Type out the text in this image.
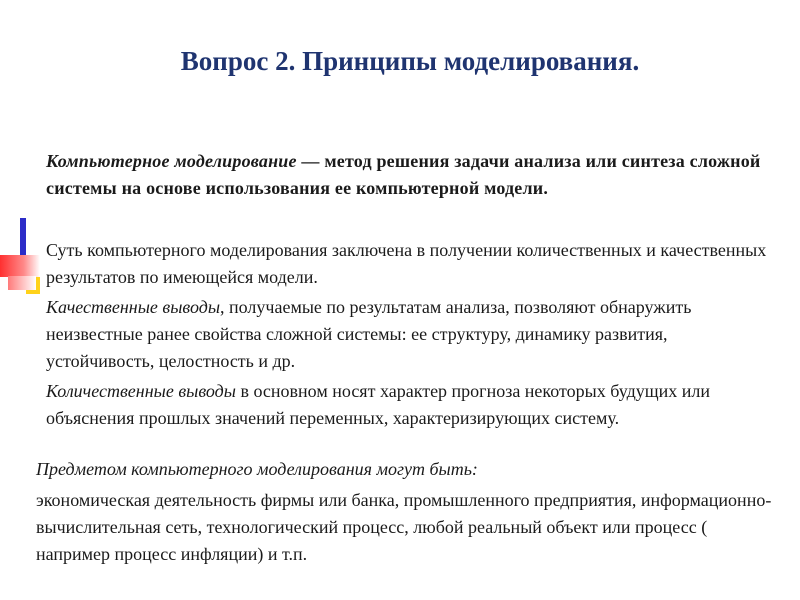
Вопрос 2. Принципы моделирования.

Компьютерное моделирование — метод решения задачи анализа или синтеза сложной системы на основе использования ее компьютерной модели.

Суть компьютерного моделирования заключена в получении количественных и качественных результатов по имеющейся модели.

Качественные выводы, получаемые по результатам анализа, позволяют обнаружить неизвестные ранее свойства сложной системы: ее структуру, динамику развития, устойчивость, целостность и др.

Количественные выводы в основном носят характер прогноза некоторых будущих или объяснения прошлых значений переменных, характеризирующих систему.

Предметом компьютерного моделирования могут быть:

экономическая деятельность фирмы или банка, промышленного предприятия, информационно-вычислительная сеть, технологический процесс, любой реальный объект или процесс ( например процесс инфляции) и т.п.
